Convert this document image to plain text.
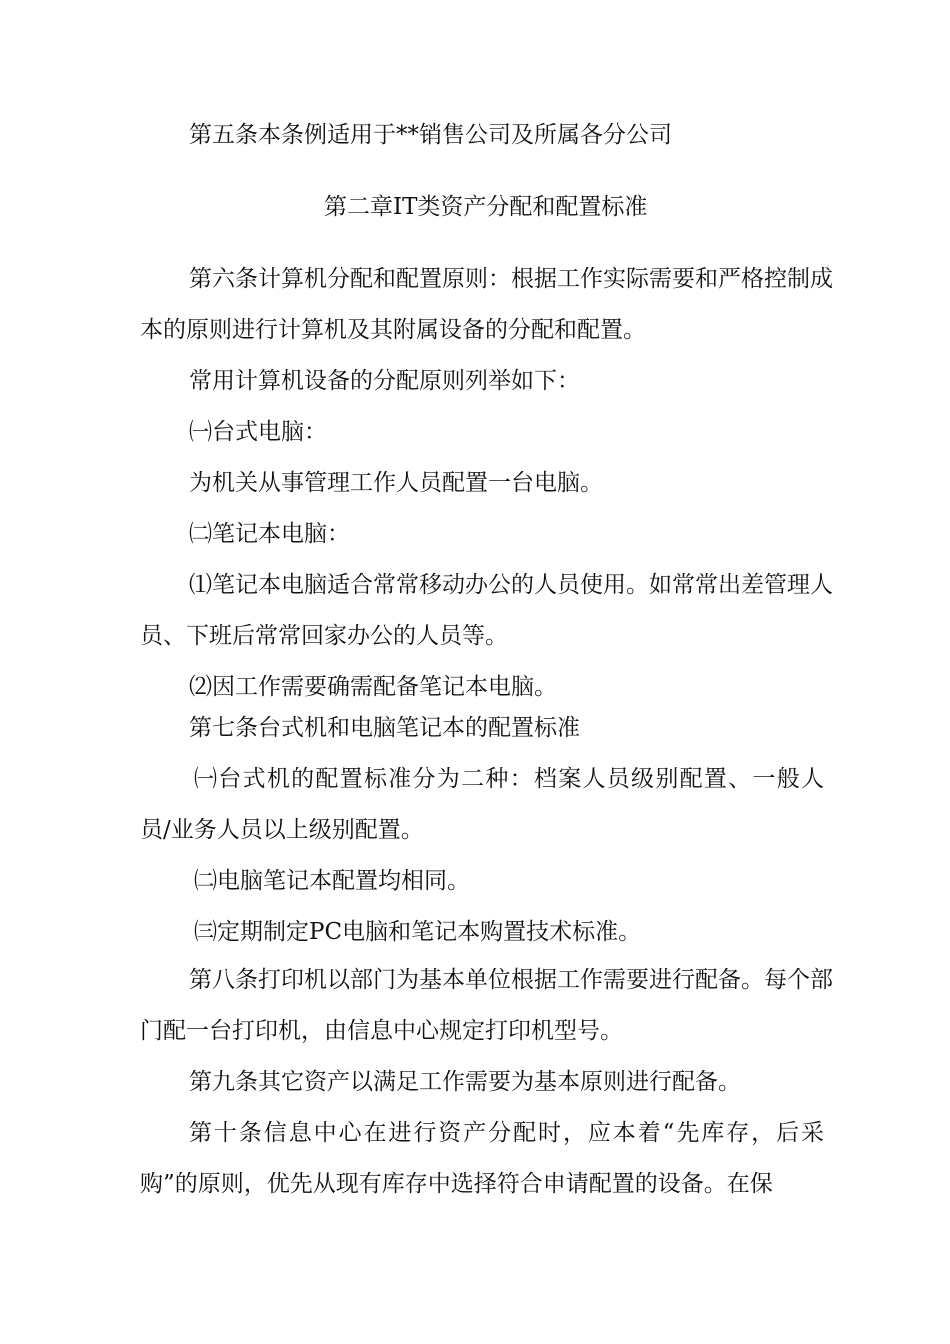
第五条本条例适用于**销售公司及所属各分公司
第二章IT类资产分配和配置标准
第六条计算机分配和配置原则：根据工作实际需要和严格控制成
本的原则进行计算机及其附属设备的分配和配置。
常用计算机设备的分配原则列举如下：
㈠台式电脑：
为机关从事管理工作人员配置一台电脑。
㈡笔记本电脑：
⑴笔记本电脑适合常常移动办公的人员使用。如常常出差管理人
员、下班后常常回家办公的人员等。
⑵因工作需要确需配备笔记本电脑。
第七条台式机和电脑笔记本的配置标准
㈠台式机的配置标准分为二种：档案人员级别配置、一般人
员/业务人员以上级别配置。
㈡电脑笔记本配置均相同。
㈢定期制定PC电脑和笔记本购置技术标准。
第八条打印机以部门为基本单位根据工作需要进行配备。每个部
门配一台打印机，由信息中心规定打印机型号。
第九条其它资产以满足工作需要为基本原则进行配备。
第十条信息中心在进行资产分配时，应本着“先库存，后采
购”的原则，优先从现有库存中选择符合申请配置的设备。在保
